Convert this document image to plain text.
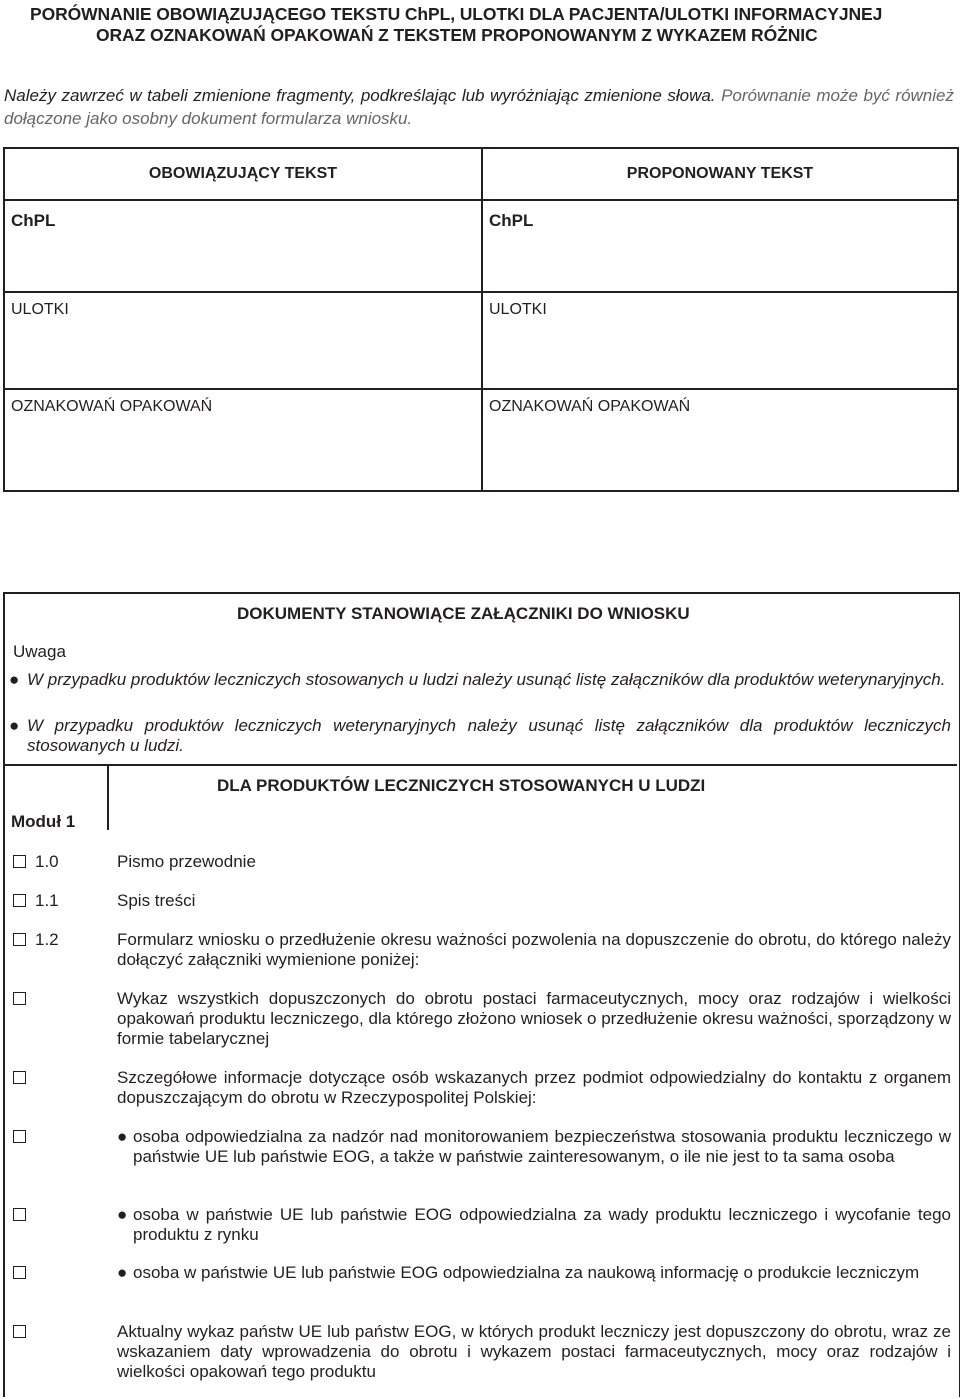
PORÓWNANIE OBOWIĄZUJĄCEGO TEKSTU ChPL, ULOTKI DLA PACJENTA/ULOTKI INFORMACYJNEJ
ORAZ OZNAKOWAŃ OPAKOWAŃ Z TEKSTEM PROPONOWANYM Z WYKAZEM RÓŻNIC
Należy zawrzeć w tabeli zmienione fragmenty, podkreślając lub wyróżniając zmienione słowa. Porównanie może być również dołączone jako osobny dokument formularza wniosku.
OBOWIĄZUJĄCY TEKST	PROPONOWANY TEKST

ChPL	ChPL

ULOTKI	ULOTKI

OZNAKOWAŃ OPAKOWAŃ	OZNAKOWAŃ OPAKOWAŃ
DOKUMENTY STANOWIĄCE ZAŁĄCZNIKI DO WNIOSKU
Uwaga
● W przypadku produktów leczniczych stosowanych u ludzi należy usunąć listę załączników dla produktów weterynaryjnych.
● W przypadku produktów leczniczych weterynaryjnych należy usunąć listę załączników dla produktów leczniczych stosowanych u ludzi.
DLA PRODUKTÓW LECZNICZYCH STOSOWANYCH U LUDZI
Moduł 1
1.0	Pismo przewodnie
1.1	Spis treści
1.2	Formularz wniosku o przedłużenie okresu ważności pozwolenia na dopuszczenie do obrotu, do którego należy dołączyć załączniki wymienione poniżej:
Wykaz wszystkich dopuszczonych do obrotu postaci farmaceutycznych, mocy oraz rodzajów i wielkości opakowań produktu leczniczego, dla którego złożono wniosek o przedłużenie okresu ważności, sporządzony w formie tabelarycznej
Szczegółowe informacje dotyczące osób wskazanych przez podmiot odpowiedzialny do kontaktu z organem dopuszczającym do obrotu w Rzeczypospolitej Polskiej:
● osoba odpowiedzialna za nadzór nad monitorowaniem bezpieczeństwa stosowania produktu leczniczego w państwie UE lub państwie EOG, a także w państwie zainteresowanym, o ile nie jest to ta sama osoba
● osoba w państwie UE lub państwie EOG odpowiedzialna za wady produktu leczniczego i wycofanie tego produktu z rynku
● osoba w państwie UE lub państwie EOG odpowiedzialna za naukową informację o produkcie leczniczym
Aktualny wykaz państw UE lub państw EOG, w których produkt leczniczy jest dopuszczony do obrotu, wraz ze wskazaniem daty wprowadzenia do obrotu i wykazem postaci farmaceutycznych, mocy oraz rodzajów i wielkości opakowań tego produktu
